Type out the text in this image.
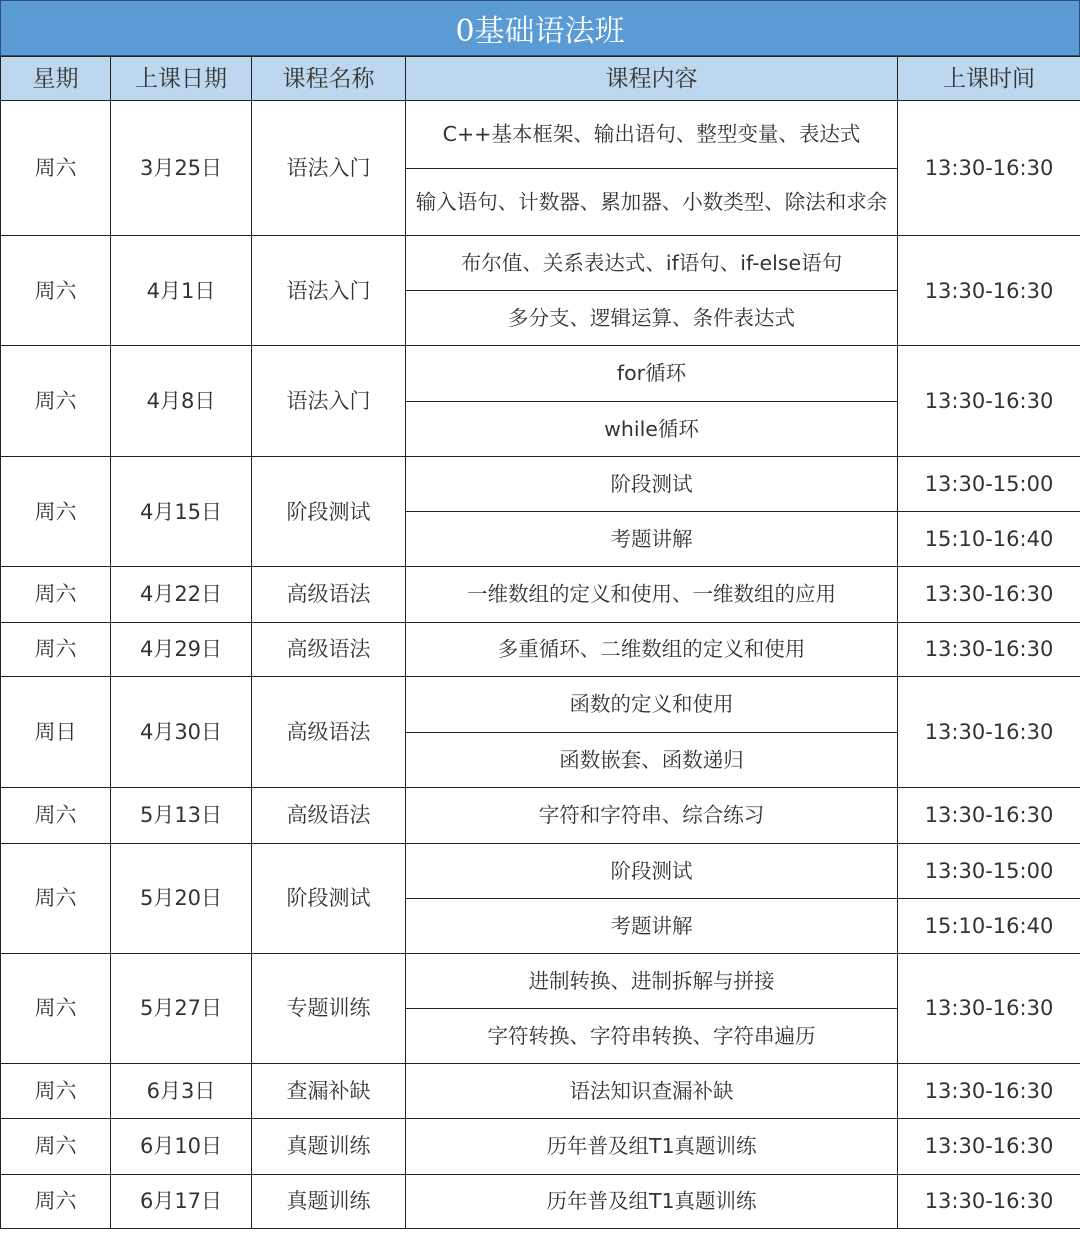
0基础语法班
星期	上课日期	课程名称	课程内容	上课时间
周六	3月25日	语法入门	C++基本框架、输出语句、整型变量、表达式	13:30-16:30
			输入语句、计数器、累加器、小数类型、除法和求余	
周六	4月1日	语法入门	布尔值、关系表达式、if语句、if-else语句	13:30-16:30
			多分支、逻辑运算、条件表达式	
周六	4月8日	语法入门	for循环	13:30-16:30
			while循环	
周六	4月15日	阶段测试	阶段测试	13:30-15:00
			考题讲解	15:10-16:40
周六	4月22日	高级语法	一维数组的定义和使用、一维数组的应用	13:30-16:30
周六	4月29日	高级语法	多重循环、二维数组的定义和使用	13:30-16:30
周日	4月30日	高级语法	函数的定义和使用	13:30-16:30
			函数嵌套、函数递归	
周六	5月13日	高级语法	字符和字符串、综合练习	13:30-16:30
周六	5月20日	阶段测试	阶段测试	13:30-15:00
			考题讲解	15:10-16:40
周六	5月27日	专题训练	进制转换、进制拆解与拼接	13:30-16:30
			字符转换、字符串转换、字符串遍历	
周六	6月3日	查漏补缺	语法知识查漏补缺	13:30-16:30
周六	6月10日	真题训练	历年普及组T1真题训练	13:30-16:30
周六	6月17日	真题训练	历年普及组T1真题训练	13:30-16:30
